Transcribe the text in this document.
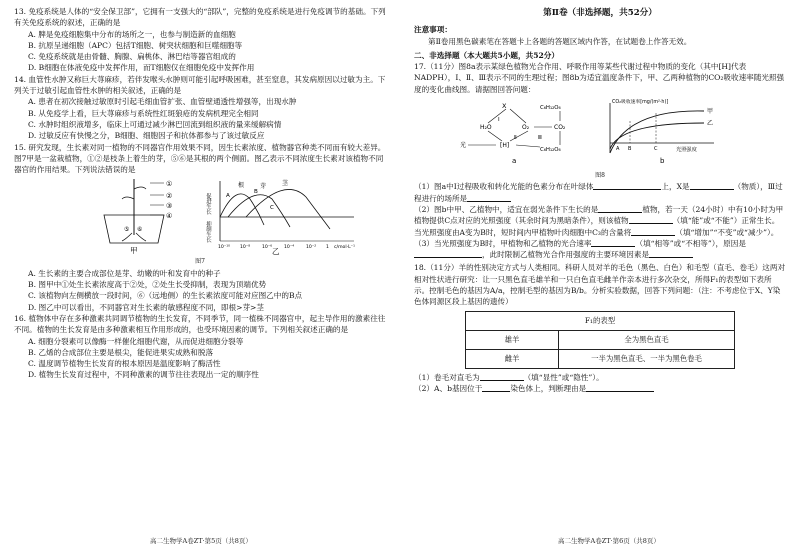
13. 免疫系统是人体的“安全保卫部”，它拥有一支强大的“部队”，完整的免疫系统是进行免疫调节的基础。下列有关免疫系统的叙述，正确的是

A. 脾是免疫细胞集中分布的场所之一，也参与制造新的血细胞

B. 抗原呈递细胞（APC）包括T细胞、树突状细胞和巨噬细胞等

C. 免疫系统就是由骨髓、胸腺、扁桃体、淋巴结等器官组成的

D. B细胞在体液免疫中发挥作用，而T细胞仅在细胞免疫中发挥作用

14. 血管性水肿又称巨大荨麻疹，若伴发喉头水肿则可能引起呼吸困难，甚至窒息，其发病原因以过敏为主。下列关于过敏引起血管性水肿的相关叙述，正确的是

A. 患者在初次接触过敏原时引起毛细血管扩张、血管壁通透性增强等，出现水肿

B. 从免疫学上看，巨大荨麻疹与系统性红斑狼疮的发病机理完全相同

C. 水肿时组织液增多，临床上可通过减少淋巴回流到组织液的量来缓解病情

D. 过敏反应有快慢之分，B细胞、细胞因子和抗体都参与了该过敏反应

15. 研究发现，生长素对同一植物的不同器官作用效果不同，因生长素浓度、植物器官种类不同而有较大差异。图7甲是一盆栽植物，①②是枝条上着生的芽，⑤⑥是其根的两个侧面。图乙表示不同浓度生长素对该植物不同器官的作用结果。下列说法错误的是

①
②
③
④
⑤ ⑥
甲
促进生长
抑制生长
根	芽	茎
A
B
C
10⁻¹⁰ 10⁻⁸	10⁻⁶	10⁻⁴	10⁻² 1 c/mol·L⁻¹
乙

图7

A. 生长素的主要合成部位是芽、幼嫩的叶和发育中的种子

B. 图甲中①处生长素浓度高于②处，②处生长受抑制，表现为顶端优势

C. 该植物向左侧横放一段时间，⑥（远地侧）的生长素浓度可能对应图乙中的B点

D. 图乙中可以看出，不同器官对生长素的敏感程度不同，即根>芽>茎

16. 植物体中存在多种激素共同调节植物的生长发育，不同季节，同一植株不同器官中，起主导作用的激素往往不同。植物的生长发育是由多种激素相互作用形成的，也受环境因素的调节。下列相关叙述正确的是

A. 细胞分裂素可以像酶一样催化细胞代谢，从而促进细胞分裂等

B. 乙烯的合成部位主要是根尖，能促进果实成熟和脱落

C. 温度调节植物生长发育的根本原因是温度影响了酶活性

D. 植物生长发育过程中，不同种激素的调节往往表现出一定的顺序性

高二生物学A卷ZT·第5页（共8页）

第Ⅱ卷（非选择题，共52分）

注意事项：

第Ⅱ卷用黑色碳素笔在答题卡上各题的答题区域内作答，在试题卷上作答无效。

二、非选择题（本大题共5小题，共52分）

17.（11分）图8a表示某绿色植物光合作用、呼吸作用等某些代谢过程中物质的变化（其中[H]代表NADPH），Ⅰ、Ⅱ、Ⅲ表示不同的生理过程；图8b为适宜温度条件下，甲、乙两种植物的CO₂吸收速率随光照强度的变化曲线图。请据图回答问题：

X
H₂O	O₂
[H]
CO₂
C₆H₁₂O₆
C₆H₁₂O₆
Ⅰ
Ⅲ
光
a
CO₂吸收速率[mg/(m²·h)]
光照强度
甲
乙
A B	C
b

图8

（1）图a中Ⅰ过程吸收和转化光能的色素分布在叶绿体	上，X是	（物质），Ⅲ过程进行的场所是

（2）图b中甲、乙植物中，适宜在弱光条件下生长的是	植物，若一天（24小时）中有10小时为甲植物提供C点对应的光照强度（其余时间为黑暗条件），则该植物	（填“能”或“不能”）正常生长。当光照强度由A变为B时，短时间内甲植物叶肉细胞中C₃的含量将	（填“增加”“不变”或“减少”）。

（3）当光照强度为B时，甲植物和乙植物的光合速率	（填“相等”或“不相等”），原因是，此时限制乙植物光合作用强度的主要环境因素是

18.（11分）羊的性别决定方式与人类相同。科研人员对羊的毛色（黑色、白色）和毛型（直毛、卷毛）这两对相对性状进行研究：让一只黑色直毛雄羊和一只白色直毛雌羊作亲本进行多次杂交，所得F₁的表型如下表所示。控制毛色的基因为A/a，控制毛型的基因为B/b。分析实验数据，回答下列问题：（注：不考虑位于X、Y染色体同源区段上基因的遗传）

F₁的表型	
雄羊	全为黑色直毛
雌羊	一半为黑色直毛、一半为黑色卷毛

（1）卷毛对直毛为	（填“显性”或“隐性”）。

（2）A、b基因位于	染色体上，判断理由是

高二生物学A卷ZT·第6页（共8页）
